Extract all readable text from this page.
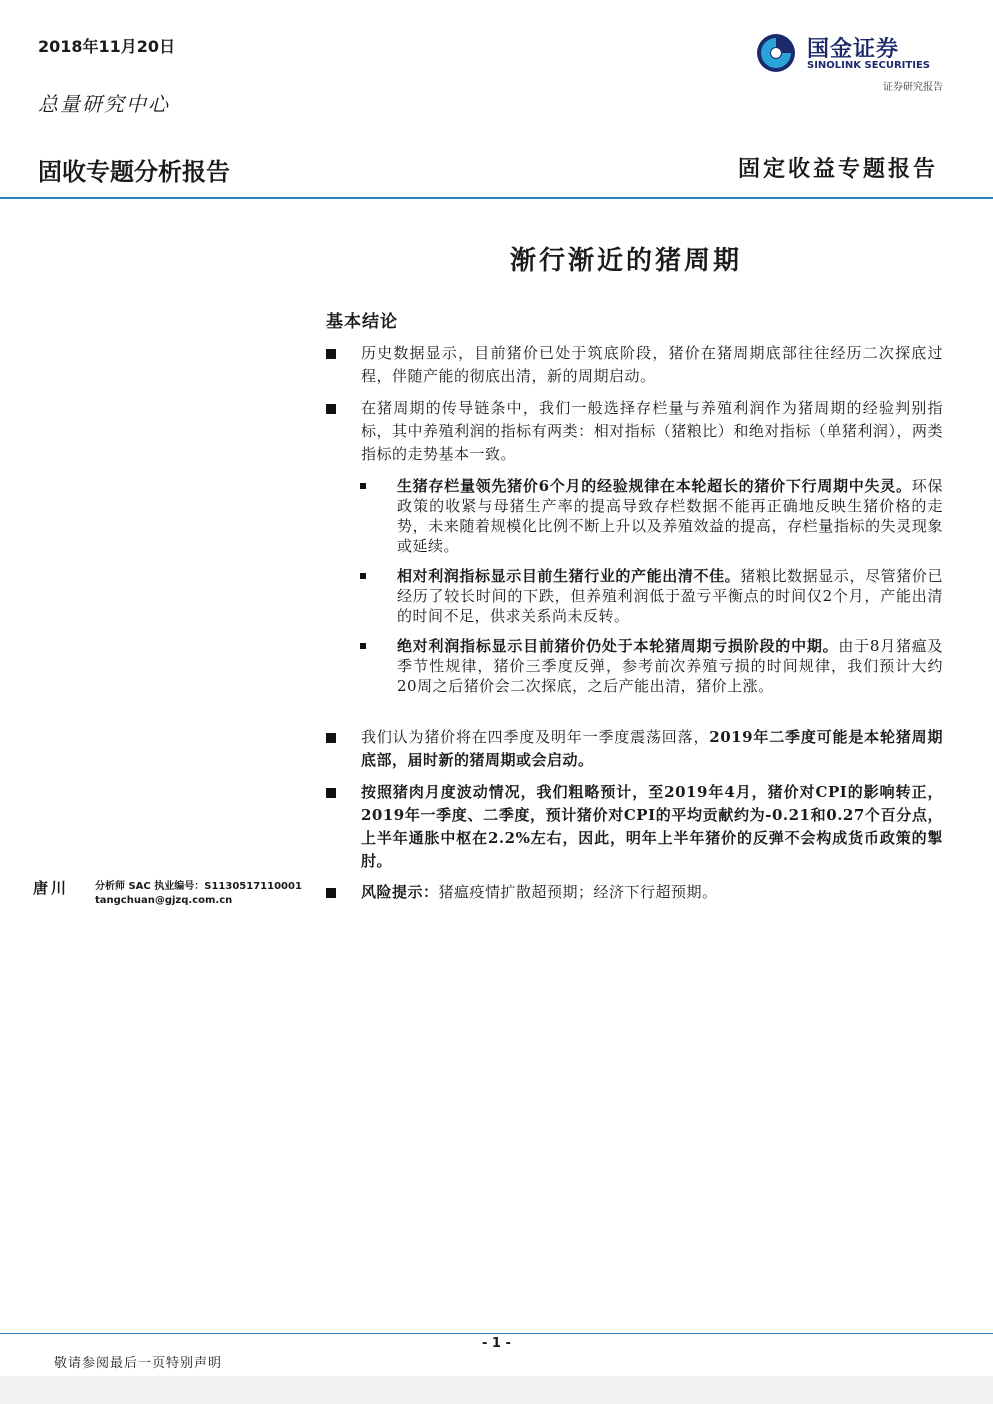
2018年11月20日
总量研究中心
国金证券
SINOLINK SECURITIES
证券研究报告
固收专题分析报告	固定收益专题报告
渐行渐近的猪周期
基本结论
历史数据显示，目前猪价已处于筑底阶段，猪价在猪周期底部往往经历二次探底过程，伴随产能的彻底出清，新的周期启动。
在猪周期的传导链条中，我们一般选择存栏量与养殖利润作为猪周期的经验判别指标，其中养殖利润的指标有两类：相对指标（猪粮比）和绝对指标（单猪利润），两类指标的走势基本一致。
生猪存栏量领先猪价6个月的经验规律在本轮超长的猪价下行周期中失灵。环保政策的收紧与母猪生产率的提高导致存栏数据不能再正确地反映生猪价格的走势，未来随着规模化比例不断上升以及养殖效益的提高，存栏量指标的失灵现象或延续。
相对利润指标显示目前生猪行业的产能出清不佳。猪粮比数据显示，尽管猪价已经历了较长时间的下跌，但养殖利润低于盈亏平衡点的时间仅2个月，产能出清的时间不足，供求关系尚未反转。
绝对利润指标显示目前猪价仍处于本轮猪周期亏损阶段的中期。由于8月猪瘟及季节性规律，猪价三季度反弹，参考前次养殖亏损的时间规律，我们预计大约20周之后猪价会二次探底，之后产能出清，猪价上涨。
我们认为猪价将在四季度及明年一季度震荡回落，2019年二季度可能是本轮猪周期底部，届时新的猪周期或会启动。
按照猪肉月度波动情况，我们粗略预计，至2019年4月，猪价对CPI的影响转正，2019年一季度、二季度，预计猪价对CPI的平均贡献约为-0.21和0.27个百分点，上半年通胀中枢在2.2%左右，因此，明年上半年猪价的反弹不会构成货币政策的掣肘。
风险提示：猪瘟疫情扩散超预期；经济下行超预期。
唐川	分析师 SAC 执业编号：S1130517110001
tangchuan@gjzq.com.cn
- 1 -
敬请参阅最后一页特别声明
